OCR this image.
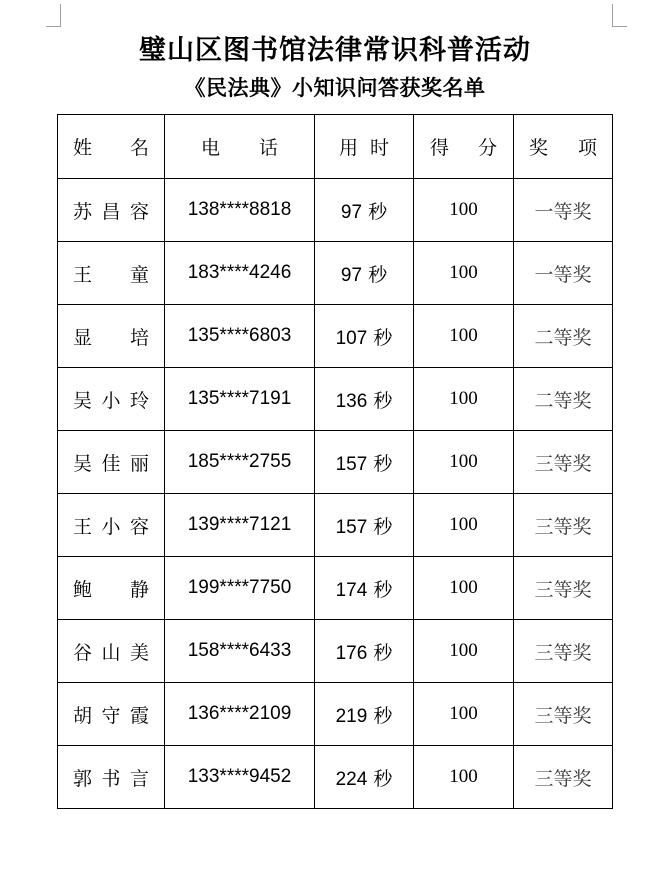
璧山区图书馆法律常识科普活动
《民法典》小知识问答获奖名单
姓 名	电 话	用 时	得 分	奖 项

苏 昌 容	138****8818	97 秒	100	一等奖

王 童	183****4246	97 秒	100	一等奖

显 培	135****6803	107 秒	100	二等奖

吴 小 玲	135****7191	136 秒	100	二等奖

吴 佳 丽	185****2755	157 秒	100	三等奖

王 小 容	139****7121	157 秒	100	三等奖

鲍 静	199****7750	174 秒	100	三等奖

谷 山 美	158****6433	176 秒	100	三等奖

胡 守 霞	136****2109	219 秒	100	三等奖

郭 书 言	133****9452	224 秒	100	三等奖
